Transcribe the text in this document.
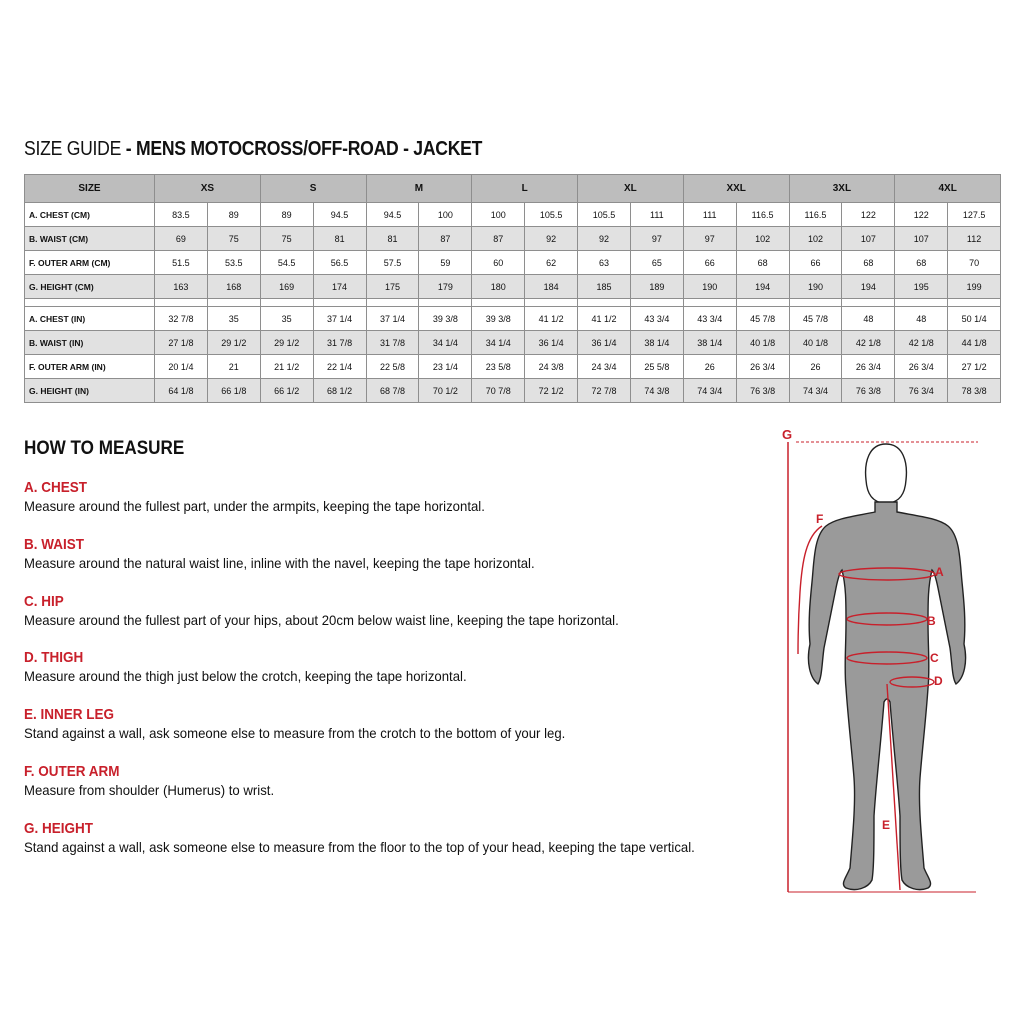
SIZE GUIDE - MENS MOTOCROSS/OFF-ROAD - JACKET
SIZE	XS		S		M		L		XL		XXL		3XL		4XL	
A. CHEST (CM)	83.5	89	89	94.5	94.5	100	100	105.5	105.5	111	111	116.5	116.5	122	122	127.5
B. WAIST (CM)	69	75	75	81	81	87	87	92	92	97	97	102	102	107	107	112
F. OUTER ARM (CM)	51.5	53.5	54.5	56.5	57.5	59	60	62	63	65	66	68	66	68	68	70
G. HEIGHT (CM)	163	168	169	174	175	179	180	184	185	189	190	194	190	194	195	199

A. CHEST (IN)	32 7/8	35	35	37 1/4	37 1/4	39 3/8	39 3/8	41 1/2	41 1/2	43 3/4	43 3/4	45 7/8	45 7/8	48	48	50 1/4
B. WAIST (IN)	27 1/8	29 1/2	29 1/2	31 7/8	31 7/8	34 1/4	34 1/4	36 1/4	36 1/4	38 1/4	38 1/4	40 1/8	40 1/8	42 1/8	42 1/8	44 1/8
F. OUTER ARM (IN)	20 1/4	21	21 1/2	22 1/4	22 5/8	23 1/4	23 5/8	24 3/8	24 3/4	25 5/8	26	26 3/4	26	26 3/4	26 3/4	27 1/2
G. HEIGHT (IN)	64 1/8	66 1/8	66 1/2	68 1/2	68 7/8	70 1/2	70 7/8	72 1/2	72 7/8	74 3/8	74 3/4	76 3/8	74 3/4	76 3/8	76 3/4	78 3/8
HOW TO MEASURE
A. CHEST
Measure around the fullest part, under the armpits, keeping the tape horizontal.
B. WAIST
Measure around the natural waist line, inline with the navel, keeping the tape horizontal.
C. HIP
Measure around the fullest part of your hips, about 20cm below waist line, keeping the tape horizontal.
D. THIGH
Measure around the thigh just below the crotch, keeping the tape horizontal.
E. INNER LEG
Stand against a wall, ask someone else to measure from the crotch to the bottom of your leg.
F. OUTER ARM
Measure from shoulder (Humerus) to wrist.
G. HEIGHT
Stand against a wall, ask someone else to measure from the floor to the top of your head, keeping the tape vertical.
G
F
A
B
C
D
E
